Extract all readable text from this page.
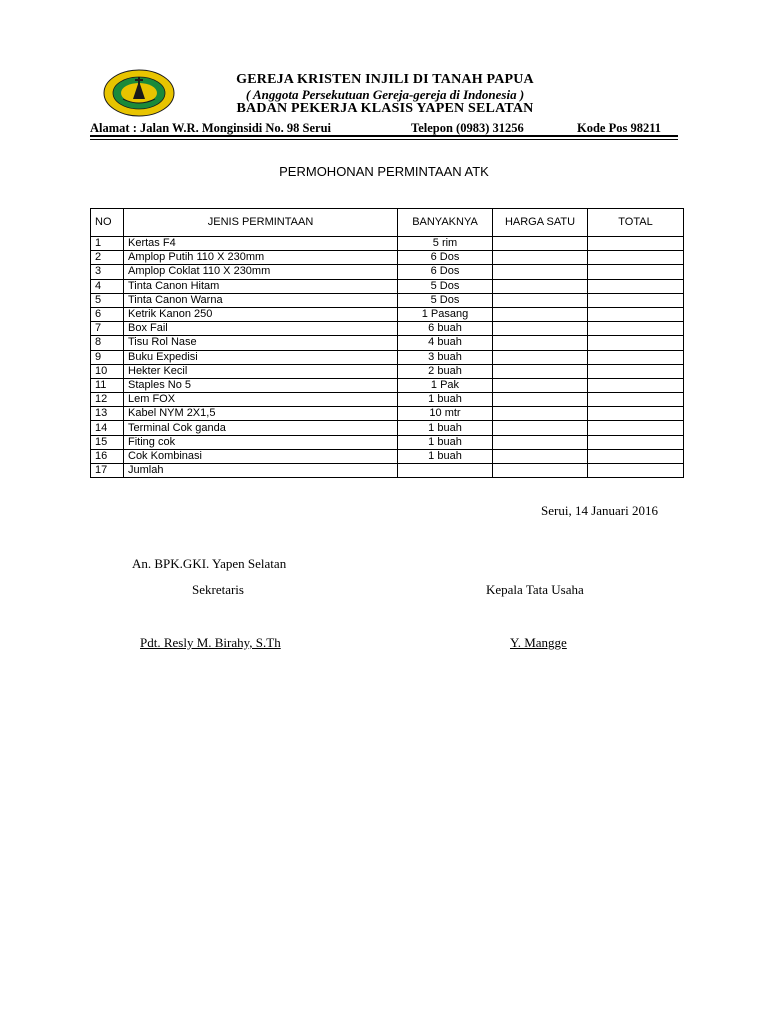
GEREJA KRISTEN INJILI DI TANAH PAPUA
( Anggota Persekutuan Gereja-gereja di Indonesia )
BADAN PEKERJA KLASIS YAPEN SELATAN
Alamat : Jalan W.R. Monginsidi No. 98 Serui	Telepon (0983) 31256	Kode Pos 98211
PERMOHONAN PERMINTAAN ATK
NO	JENIS PERMINTAAN	BANYAKNYA	HARGA SATU	TOTAL
1	Kertas F4	5 rim		
2	Amplop Putih 110 X 230mm	6 Dos		
3	Amplop Coklat 110 X 230mm	6 Dos		
4	Tinta Canon Hitam	5 Dos		
5	Tinta Canon Warna	5 Dos		
6	Ketrik Kanon 250	1 Pasang		
7	Box Fail	6 buah		
8	Tisu Rol Nase	4 buah		
9	Buku Expedisi	3 buah		
10	Hekter Kecil	2 buah		
11	Staples No 5	1 Pak		
12	Lem FOX	1 buah		
13	Kabel NYM 2X1,5	10 mtr		
14	Terminal Cok ganda	1 buah		
15	Fiting cok	1 buah		
16	Cok Kombinasi	1 buah		
17	Jumlah			
Serui, 14 Januari 2016
An. BPK.GKI. Yapen Selatan
Sekretaris	Kepala Tata Usaha
Pdt. Resly M. Birahy, S.Th	Y. Mangge
